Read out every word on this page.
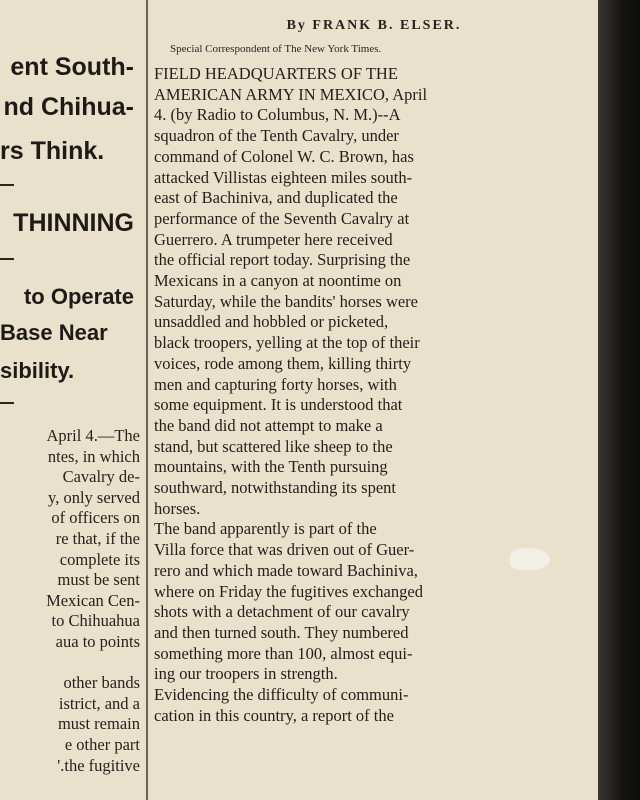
ent South-
nd Chihua-
rs Think.
THINNING
to Operate
Base Near
sibility.
April 4.—The
ntes, in which
Cavalry de-
y, only served
of officers on
re that, if the
complete its
must be sent
Mexican Cen-
to Chihuahua
aua to points

other bands
istrict, and a
must remain
e other part
'.the fugitive
By FRANK B. ELSER.
Special Correspondent of The New York Times.
FIELD HEADQUARTERS OF THE
AMERICAN ARMY IN MEXICO, April
4. (by Radio to Columbus, N. M.)--A
squadron of the Tenth Cavalry, under
command of Colonel W. C. Brown, has
attacked Villistas eighteen miles south-
east of Bachiniva, and duplicated the
performance of the Seventh Cavalry at
Guerrero. A trumpeter here received
the official report today. Surprising the
Mexicans in a canyon at noontime on
Saturday, while the bandits' horses were
unsaddled and hobbled or picketed,
black troopers, yelling at the top of their
voices, rode among them, killing thirty
men and capturing forty horses, with
some equipment. It is understood that
the band did not attempt to make a
stand, but scattered like sheep to the
mountains, with the Tenth pursuing
southward, notwithstanding its spent
horses.
The band apparently is part of the
Villa force that was driven out of Guer-
rero and which made toward Bachiniva,
where on Friday the fugitives exchanged
shots with a detachment of our cavalry
and then turned south. They numbered
something more than 100, almost equi-
ing our troopers in strength.
Evidencing the difficulty of communi-
cation in this country, a report of the
